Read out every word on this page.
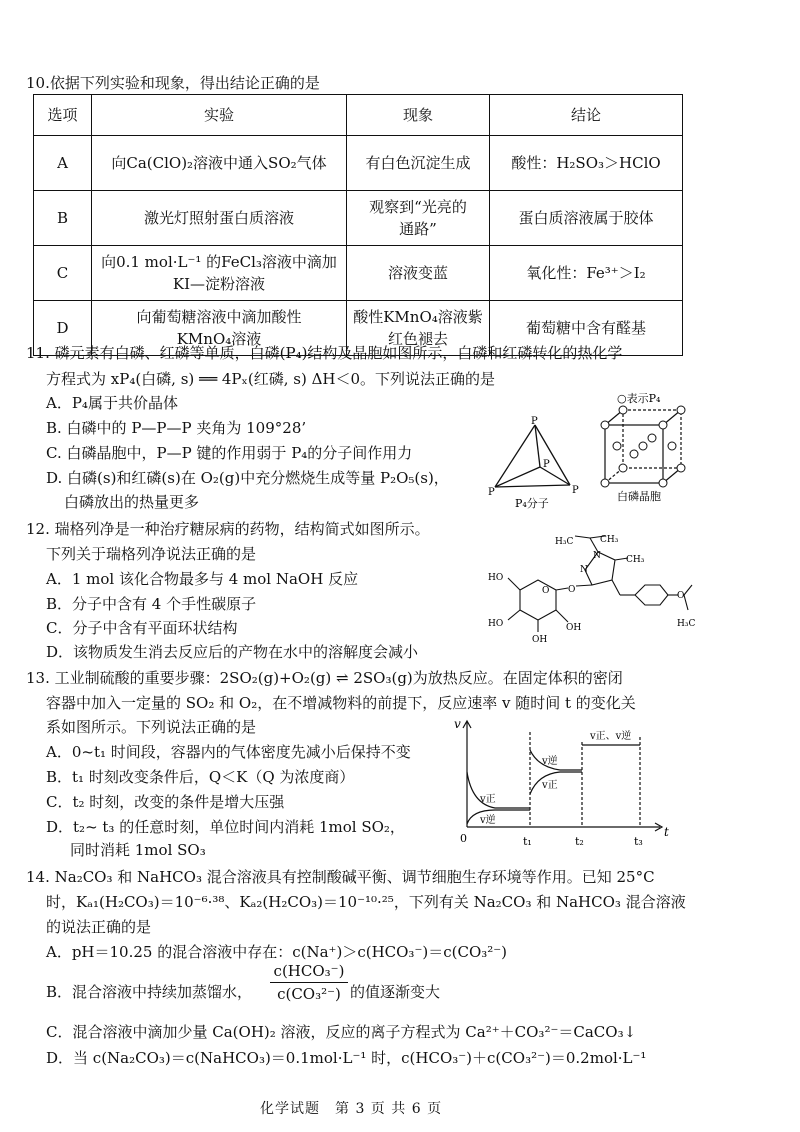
10.依据下列实验和现象，得出结论正确的是
选项	实验	现象	结论
A	向Ca(ClO)₂溶液中通入SO₂气体	有白色沉淀生成	酸性：H₂SO₃＞HClO
B	激光灯照射蛋白质溶液	观察到“光亮的通路”	蛋白质溶液属于胶体
C	向0.1 mol·L⁻¹ 的FeCl₃溶液中滴加KI—淀粉溶液	溶液变蓝	氧化性：Fe³⁺＞I₂
D	向葡萄糖溶液中滴加酸性KMnO₄溶液	酸性KMnO₄溶液紫红色褪去	葡萄糖中含有醛基
11. 磷元素有白磷、红磷等单质，白磷(P₄)结构及晶胞如图所示，白磷和红磷转化的热化学
方程式为 xP₄(白磷, s) ══ 4Pₓ(红磷, s) ΔH＜0。下列说法正确的是
A．P₄属于共价晶体
B. 白磷中的 P—P—P 夹角为 109°28’
C. 白磷晶胞中，P—P 键的作用弱于 P₄的分子间作用力
D. 白磷(s)和红磷(s)在 O₂(g)中充分燃烧生成等量 P₂O₅(s)，
白磷放出的热量更多
P
P	P
P
P₄分子
○表示P₄
白磷晶胞
12. 瑞格列净是一种治疗糖尿病的药物，结构简式如图所示。
下列关于瑞格列净说法正确的是
A．1 mol 该化合物最多与 4 mol NaOH 反应
B．分子中含有 4 个手性碳原子
C．分子中含有平面环状结构
D．该物质发生消去反应后的产物在水中的溶解度会减小
H₃C	CH₃
CH₃
H₃C
HO
HO
OH
OH
O
N
N
O
O
13. 工业制硫酸的重要步骤：2SO₂(g)+O₂(g) ⇌ 2SO₃(g)为放热反应。在固定体积的密闭
容器中加入一定量的 SO₂ 和 O₂，在不增减物料的前提下，反应速率 v 随时间 t 的变化关
系如图所示。下列说法正确的是
A．0~t₁ 时间段，容器内的气体密度先减小后保持不变
B．t₁ 时刻改变条件后，Q＜K（Q 为浓度商）
C．t₂ 时刻，改变的条件是增大压强
D．t₂~ t₃ 的任意时刻，单位时间内消耗 1mol SO₂，
同时消耗 1mol SO₃
v
t
0	t₁	t₂	t₃
v正
v逆
v逆
v正
v正、v逆
14. Na₂CO₃ 和 NaHCO₃ 混合溶液具有控制酸碱平衡、调节细胞生存环境等作用。已知 25°C
时，Kₐ₁(H₂CO₃)＝10⁻⁶·³⁸、Kₐ₂(H₂CO₃)＝10⁻¹⁰·²⁵，下列有关 Na₂CO₃ 和 NaHCO₃ 混合溶液
的说法正确的是
A．pH＝10.25 的混合溶液中存在：c(Na⁺)＞c(HCO₃⁻)＝c(CO₃²⁻)
B．混合溶液中持续加蒸馏水，
c(HCO₃⁻)
c(CO₃²⁻) 的值逐渐变大
C．混合溶液中滴加少量 Ca(OH)₂ 溶液，反应的离子方程式为 Ca²⁺＋CO₃²⁻＝CaCO₃↓
D．当 c(Na₂CO₃)＝c(NaHCO₃)＝0.1mol·L⁻¹ 时，c(HCO₃⁻)＋c(CO₃²⁻)＝0.2mol·L⁻¹
化学试题　第 3 页 共 6 页
